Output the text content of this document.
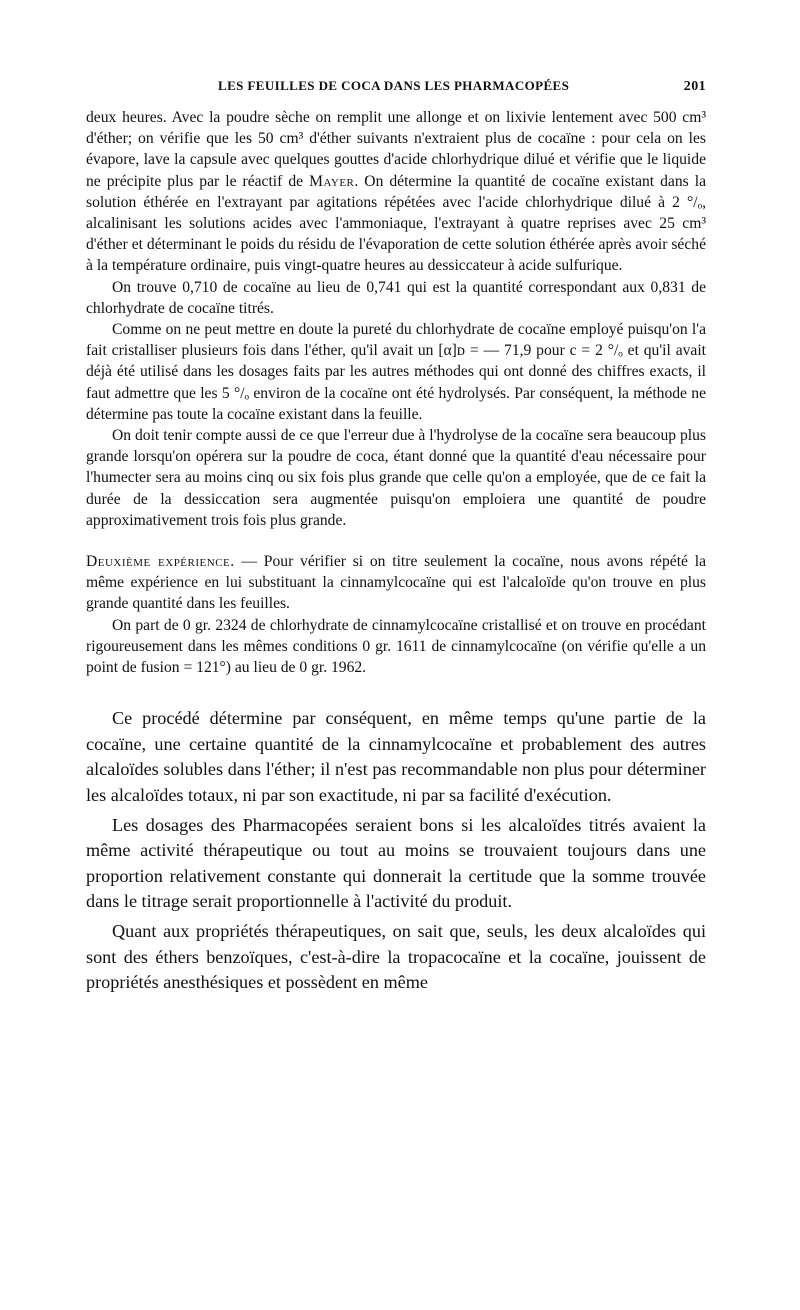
LES FEUILLES DE COCA DANS LES PHARMACOPÉES	201

deux heures. Avec la poudre sèche on remplit une allonge et on lixivie lentement avec 500 cm³ d'éther; on vérifie que les 50 cm³ d'éther suivants n'extraient plus de cocaïne : pour cela on les évapore, lave la capsule avec quelques gouttes d'acide chlorhydrique dilué et vérifie que le liquide ne précipite plus par le réactif de Mayer. On détermine la quantité de cocaïne existant dans la solution éthérée en l'extrayant par agitations répétées avec l'acide chlorhydrique dilué à 2 °/ₒ, alcalinisant les solutions acides avec l'ammoniaque, l'extrayant à quatre reprises avec 25 cm³ d'éther et déterminant le poids du résidu de l'évaporation de cette solution éthérée après avoir séché à la température ordinaire, puis vingt-quatre heures au dessiccateur à acide sulfurique.

On trouve 0,710 de cocaïne au lieu de 0,741 qui est la quantité correspondant aux 0,831 de chlorhydrate de cocaïne titrés.

Comme on ne peut mettre en doute la pureté du chlorhydrate de cocaïne employé puisqu'on l'a fait cristalliser plusieurs fois dans l'éther, qu'il avait un [α]ᴅ = — 71,9 pour c = 2 °/ₒ et qu'il avait déjà été utilisé dans les dosages faits par les autres méthodes qui ont donné des chiffres exacts, il faut admettre que les 5 °/ₒ environ de la cocaïne ont été hydrolysés. Par conséquent, la méthode ne détermine pas toute la cocaïne existant dans la feuille.

On doit tenir compte aussi de ce que l'erreur due à l'hydrolyse de la cocaïne sera beaucoup plus grande lorsqu'on opérera sur la poudre de coca, étant donné que la quantité d'eau nécessaire pour l'humecter sera au moins cinq ou six fois plus grande que celle qu'on a employée, que de ce fait la durée de la dessiccation sera augmentée puisqu'on emploiera une quantité de poudre approximativement trois fois plus grande.

Deuxième expérience. — Pour vérifier si on titre seulement la cocaïne, nous avons répété la même expérience en lui substituant la cinnamylcocaïne qui est l'alcaloïde qu'on trouve en plus grande quantité dans les feuilles.

On part de 0 gr. 2324 de chlorhydrate de cinnamylcocaïne cristallisé et on trouve en procédant rigoureusement dans les mêmes conditions 0 gr. 1611 de cinnamylcocaïne (on vérifie qu'elle a un point de fusion = 121°) au lieu de 0 gr. 1962.

Ce procédé détermine par conséquent, en même temps qu'une partie de la cocaïne, une certaine quantité de la cinnamylcocaïne et probablement des autres alcaloïdes solubles dans l'éther; il n'est pas recommandable non plus pour déterminer les alcaloïdes totaux, ni par son exactitude, ni par sa facilité d'exécution.

Les dosages des Pharmacopées seraient bons si les alcaloïdes titrés avaient la même activité thérapeutique ou tout au moins se trouvaient toujours dans une proportion relativement constante qui donnerait la certitude que la somme trouvée dans le titrage serait proportionnelle à l'activité du produit.

Quant aux propriétés thérapeutiques, on sait que, seuls, les deux alcaloïdes qui sont des éthers benzoïques, c'est-à-dire la tropacocaïne et la cocaïne, jouissent de propriétés anesthésiques et possèdent en même
